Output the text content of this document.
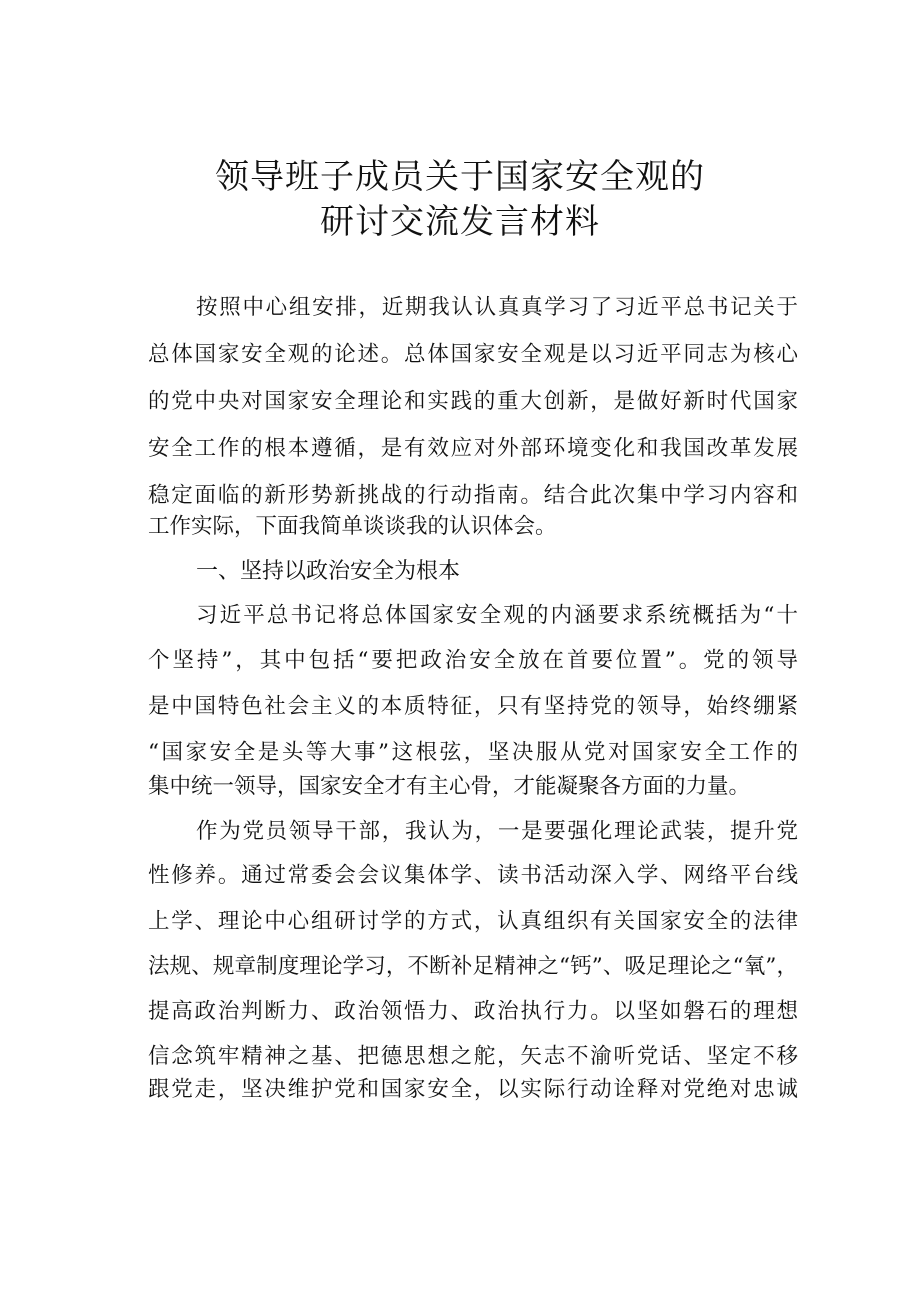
领导班子成员关于国家安全观的
研讨交流发言材料
按照中心组安排，近期我认认真真学习了习近平总书记关于
总体国家安全观的论述。总体国家安全观是以习近平同志为核心
的党中央对国家安全理论和实践的重大创新，是做好新时代国家
安全工作的根本遵循，是有效应对外部环境变化和我国改革发展
稳定面临的新形势新挑战的行动指南。结合此次集中学习内容和
工作实际，下面我简单谈谈我的认识体会。
一、坚持以政治安全为根本
习近平总书记将总体国家安全观的内涵要求系统概括为“十
个坚持”，其中包括“要把政治安全放在首要位置”。党的领导
是中国特色社会主义的本质特征，只有坚持党的领导，始终绷紧
“国家安全是头等大事”这根弦，坚决服从党对国家安全工作的
集中统一领导，国家安全才有主心骨，才能凝聚各方面的力量。
作为党员领导干部，我认为，一是要强化理论武装，提升党
性修养。通过常委会会议集体学、读书活动深入学、网络平台线
上学、理论中心组研讨学的方式，认真组织有关国家安全的法律
法规、规章制度理论学习，不断补足精神之“钙”、吸足理论之“氧”，
提高政治判断力、政治领悟力、政治执行力。以坚如磐石的理想
信念筑牢精神之基、把德思想之舵，矢志不渝听党话、坚定不移
跟党走，坚决维护党和国家安全，以实际行动诠释对党绝对忠诚
